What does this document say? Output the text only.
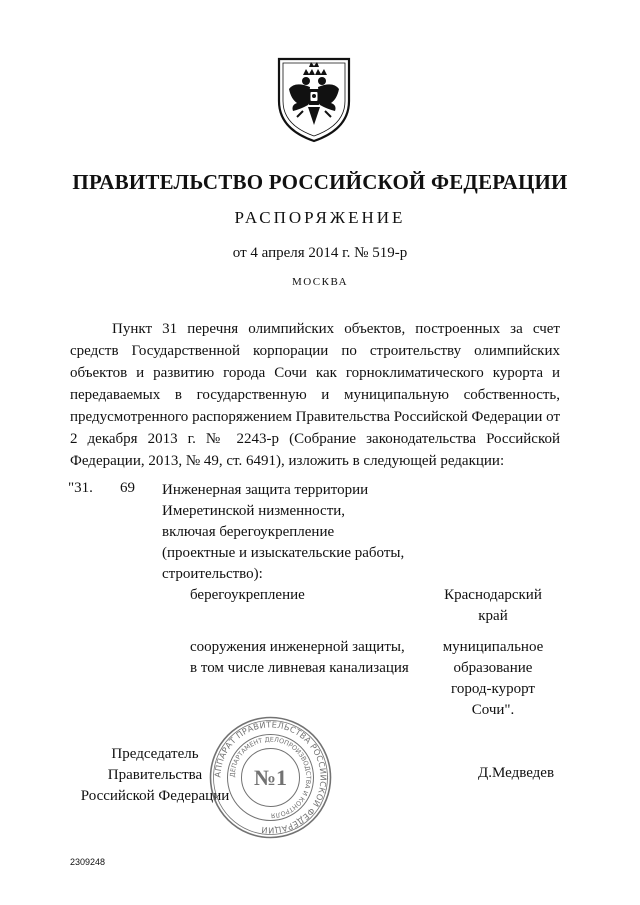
ПРАВИТЕЛЬСТВО РОССИЙСКОЙ ФЕДЕРАЦИИ
РАСПОРЯЖЕНИЕ
от 4 апреля 2014 г. № 519-р
МОСКВА
Пункт 31 перечня олимпийских объектов, построенных за счет средств Государственной корпорации по строительству олимпийских объектов и развитию города Сочи как горноклиматического курорта и передаваемых в государственную и муниципальную собственность, предусмотренного распоряжением Правительства Российской Федерации от 2 декабря 2013 г. № 2243-р (Собрание законодательства Российской Федерации, 2013, № 49, ст. 6491), изложить в следующей редакции:
"31. 69 Инженерная защита территории
Имеретинской низменности,
включая берегоукрепление
(проектные и изыскательские работы,
строительство):
берегоукрепление	Краснодарский
край
сооружения инженерной защиты,
в том числе ливневая канализация
муниципальное
образование
город-курорт
Сочи".
Председатель Правительства
Российской Федерации
Д.Медведев
АППАРАТ ПРАВИТЕЛЬСТВА РОССИЙСКОЙ ФЕДЕРАЦИИ
ДЕПАРТАМЕНТ ДЕЛОПРОИЗВОДСТВА И КОНТРОЛЯ
№1
2309248
